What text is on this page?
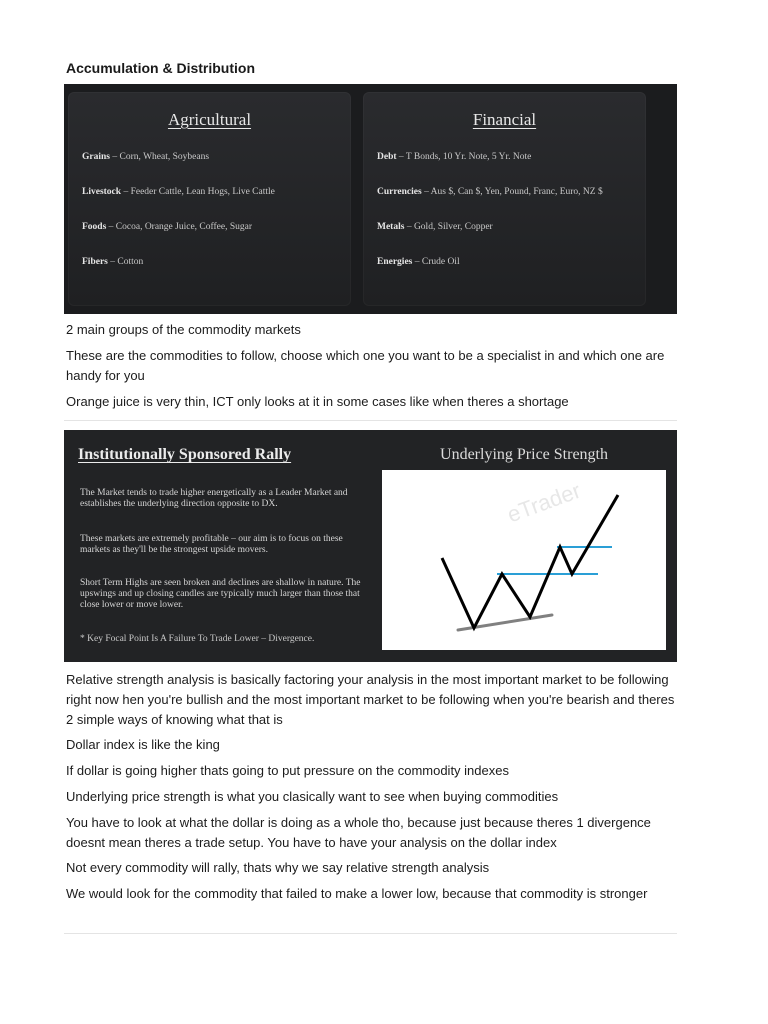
Accumulation & Distribution
Agricultural
Grains – Corn, Wheat, Soybeans
Livestock – Feeder Cattle, Lean Hogs, Live Cattle
Foods – Cocoa, Orange Juice, Coffee, Sugar
Fibers – Cotton
Financial
Debt – T Bonds, 10 Yr. Note, 5 Yr. Note
Currencies – Aus $, Can $, Yen, Pound, Franc, Euro, NZ $
Metals – Gold, Silver, Copper
Energies – Crude Oil
2 main groups of the commodity markets
These are the commodities to follow, choose which one you want to be a specialist in and which one are handy for you
Orange juice is very thin, ICT only looks at it in some cases like when theres a shortage
Institutionally Sponsored Rally
The Market tends to trade higher energetically as a Leader Market and establishes the underlying direction opposite to DX.
These markets are extremely profitable – our aim is to focus on these markets as they'll be the strongest upside movers.
Short Term Highs are seen broken and declines are shallow in nature. The upswings and up closing candles are typically much larger than those that close lower or move lower.
* Key Focal Point Is A Failure To Trade Lower – Divergence.
Underlying Price Strength
eTrader
Relative strength analysis is basically factoring your analysis in the most important market to be following right now hen you're bullish and the most important market to be following when you're bearish and theres 2 simple ways of knowing what that is
Dollar index is like the king
If dollar is going higher thats going to put pressure on the commodity indexes
Underlying price strength is what you clasically want to see when buying commodities
You have to look at what the dollar is doing as a whole tho, because just because theres 1 divergence doesnt mean theres a trade setup. You have to have your analysis on the dollar index
Not every commodity will rally, thats why we say relative strength analysis
We would look for the commodity that failed to make a lower low, because that commodity is stronger
